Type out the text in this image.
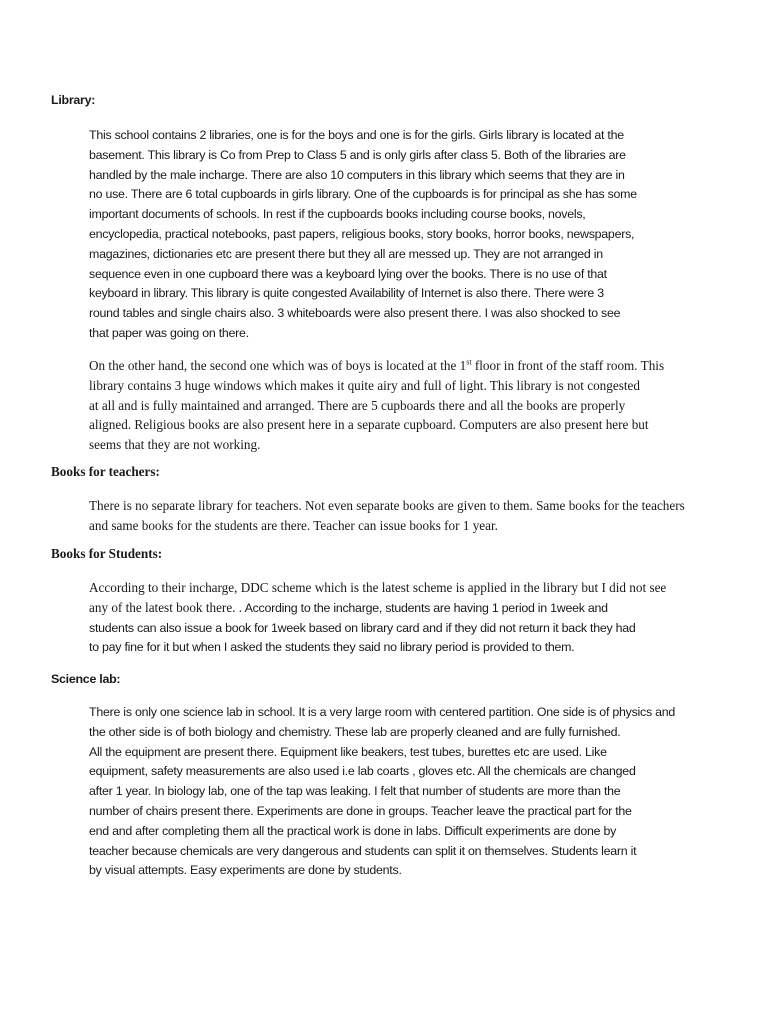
Library:

This school contains 2 libraries, one is for the boys and one is for the girls. Girls library is located at the
basement. This library is Co from Prep to Class 5 and is only girls after class 5. Both of the libraries are
handled by the male incharge. There are also 10 computers in this library which seems that they are in
no use. There are 6 total cupboards in girls library. One of the cupboards is for principal as she has some
important documents of schools. In rest if the cupboards books including course books, novels,
encyclopedia, practical notebooks, past papers, religious books, story books, horror books, newspapers,
magazines, dictionaries etc are present there but they all are messed up. They are not arranged in
sequence even in one cupboard there was a keyboard lying over the books. There is no use of that
keyboard in library. This library is quite congested Availability of Internet is also there. There were 3
round tables and single chairs also. 3 whiteboards were also present there. I was also shocked to see
that paper was going on there.
On the other hand, the second one which was of boys is located at the 1st floor in front of the staff room. This
library contains 3 huge windows which makes it quite airy and full of light. This library is not congested
at all and is fully maintained and arranged. There are 5 cupboards there and all the books are properly
aligned. Religious books are also present here in a separate cupboard. Computers are also present here but
seems that they are not working.

Books for teachers:

There is no separate library for teachers. Not even separate books are given to them. Same books for the teachers
and same books for the students are there. Teacher can issue books for 1 year.

Books for Students:

According to their incharge, DDC scheme which is the latest scheme is applied in the library but I did not see
any of the latest book there. . According to the incharge, students are having 1 period in 1week and
students can also issue a book for 1week based on library card and if they did not return it back they had
to pay fine for it but when I asked the students they said no library period is provided to them.

Science lab:

There is only one science lab in school. It is a very large room with centered partition. One side is of physics and
the other side is of both biology and chemistry. These lab are properly cleaned and are fully furnished.
All the equipment are present there. Equipment like beakers, test tubes, burettes etc are used. Like
equipment, safety measurements are also used i.e lab coarts , gloves etc. All the chemicals are changed
after 1 year. In biology lab, one of the tap was leaking. I felt that number of students are more than the
number of chairs present there. Experiments are done in groups. Teacher leave the practical part for the
end and after completing them all the practical work is done in labs. Difficult experiments are done by
teacher because chemicals are very dangerous and students can split it on themselves. Students learn it
by visual attempts. Easy experiments are done by students.
